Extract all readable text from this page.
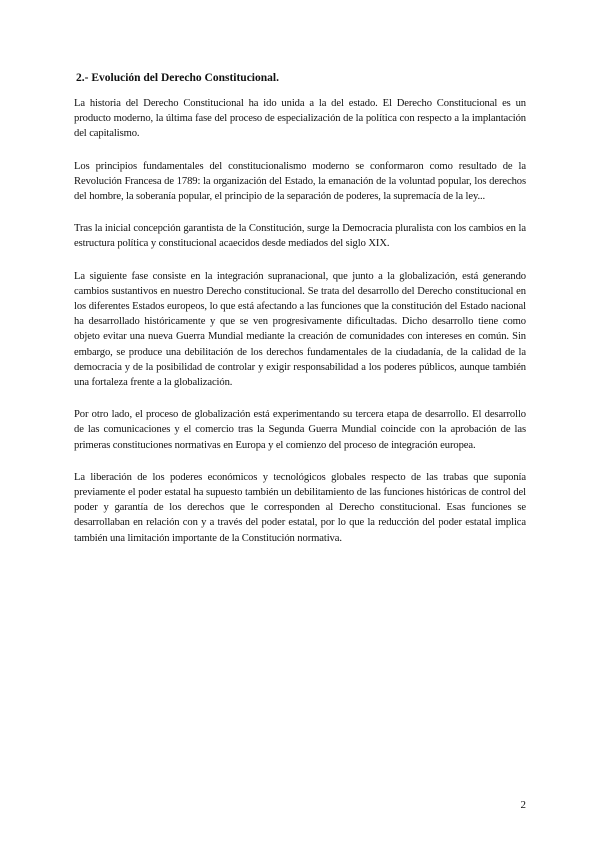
2.- Evolución del Derecho Constitucional.

La historia del Derecho Constitucional ha ido unida a la del estado. El Derecho Constitucional es un producto moderno, la última fase del proceso de especialización de la política con respecto a la implantación del capitalismo.

Los principios fundamentales del constitucionalismo moderno se conformaron como resultado de la Revolución Francesa de 1789: la organización del Estado, la emanación de la voluntad popular, los derechos del hombre, la soberanía popular, el principio de la separación de poderes, la supremacía de la ley...

Tras la inicial concepción garantista de la Constitución, surge la Democracia pluralista con los cambios en la estructura política y constitucional acaecidos desde mediados del siglo XIX.

La siguiente fase consiste en la integración supranacional, que junto a la globalización, está generando cambios sustantivos en nuestro Derecho constitucional. Se trata del desarrollo del Derecho constitucional en los diferentes Estados europeos, lo que está afectando a las funciones que la constitución del Estado nacional ha desarrollado históricamente y que se ven progresivamente dificultadas. Dicho desarrollo tiene como objeto evitar una nueva Guerra Mundial mediante la creación de comunidades con intereses en común. Sin embargo, se produce una debilitación de los derechos fundamentales de la ciudadanía, de la calidad de la democracia y de la posibilidad de controlar y exigir responsabilidad a los poderes públicos, aunque también una fortaleza frente a la globalización.

Por otro lado, el proceso de globalización está experimentando su tercera etapa de desarrollo. El desarrollo de las comunicaciones y el comercio tras la Segunda Guerra Mundial coincide con la aprobación de las primeras constituciones normativas en Europa y el comienzo del proceso de integración europea.

La liberación de los poderes económicos y tecnológicos globales respecto de las trabas que suponía previamente el poder estatal ha supuesto también un debilitamiento de las funciones históricas de control del poder y garantía de los derechos que le corresponden al Derecho constitucional. Esas funciones se desarrollaban en relación con y a través del poder estatal, por lo que la reducción del poder estatal implica también una limitación importante de la Constitución normativa.

2
